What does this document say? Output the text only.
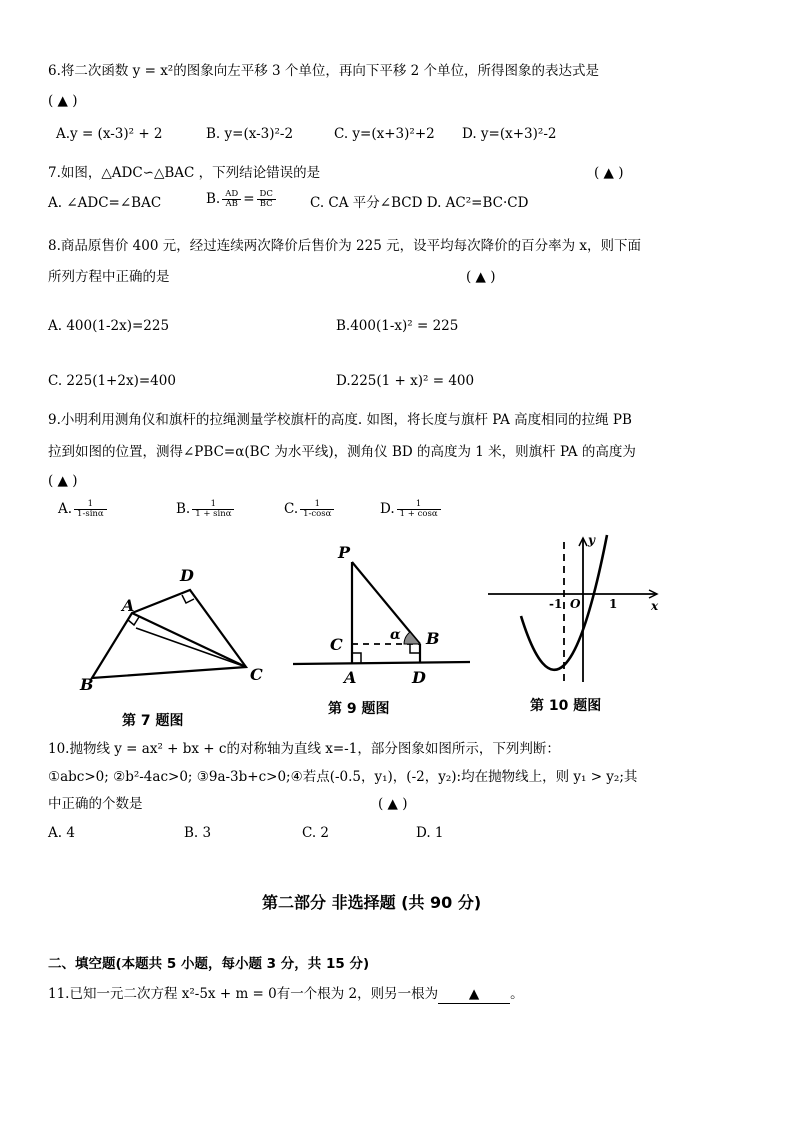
6.将二次函数 y = x²的图象向左平移 3 个单位，再向下平移 2 个单位，所得图象的表达式是
( ▲ )
A.y = (x-3)² + 2	B. y=(x-3)²-2	C. y=(x+3)²+2 D. y=(x+3)²-2
7.如图，△ADC∽△BAC ，下列结论错误的是	( ▲ )
A. ∠ADC=∠BAC	B. $\frac{AD}{AB} = \frac{DC}{BC}$	C. CA 平分∠BCD D. AC²=BC·CD
8.商品原售价 400 元，经过连续两次降价后售价为 225 元，设平均每次降价的百分率为 x，则下面
所列方程中正确的是	( ▲ )
A. 400(1-2x)=225	B.400(1-x)² = 225
C. 225(1+2x)=400	D.225(1 + x)² = 400
9.小明利用测角仪和旗杆的拉绳测量学校旗杆的高度. 如图，将长度与旗杆 PA 高度相同的拉绳 PB
拉到如图的位置，测得∠PBC=α(BC 为水平线)，测角仪 BD 的高度为 1 米，则旗杆 PA 的高度为
( ▲ )
A. $\frac{1}{1-\sin\alpha}$	B. $\frac{1}{1 + \sin\alpha}$	C. $\frac{1}{1-\cos\alpha}$	D. $\frac{1}{1 + \cos\alpha}$
A
B
C
D
第 7 题图
P
C
A
B
D
α
第 9 题图
y
x
O
-1	1
第 10 题图
10.抛物线 y = ax² + bx + c的对称轴为直线 x=-1，部分图象如图所示，下列判断：
①abc>0; ②b²-4ac>0; ③9a-3b+c>0;④若点(-0.5，y₁)，(-2，y₂):均在抛物线上，则 y₁ > y₂;其
中正确的个数是	( ▲ )
A. 4	B. 3	C. 2	D. 1
第二部分 非选择题 (共 90 分)
二、填空题(本题共 5 小题，每小题 3 分，共 15 分)
11.已知一元二次方程 x²-5x + m = 0有一个根为 2，则另一根为 ▲ 。
